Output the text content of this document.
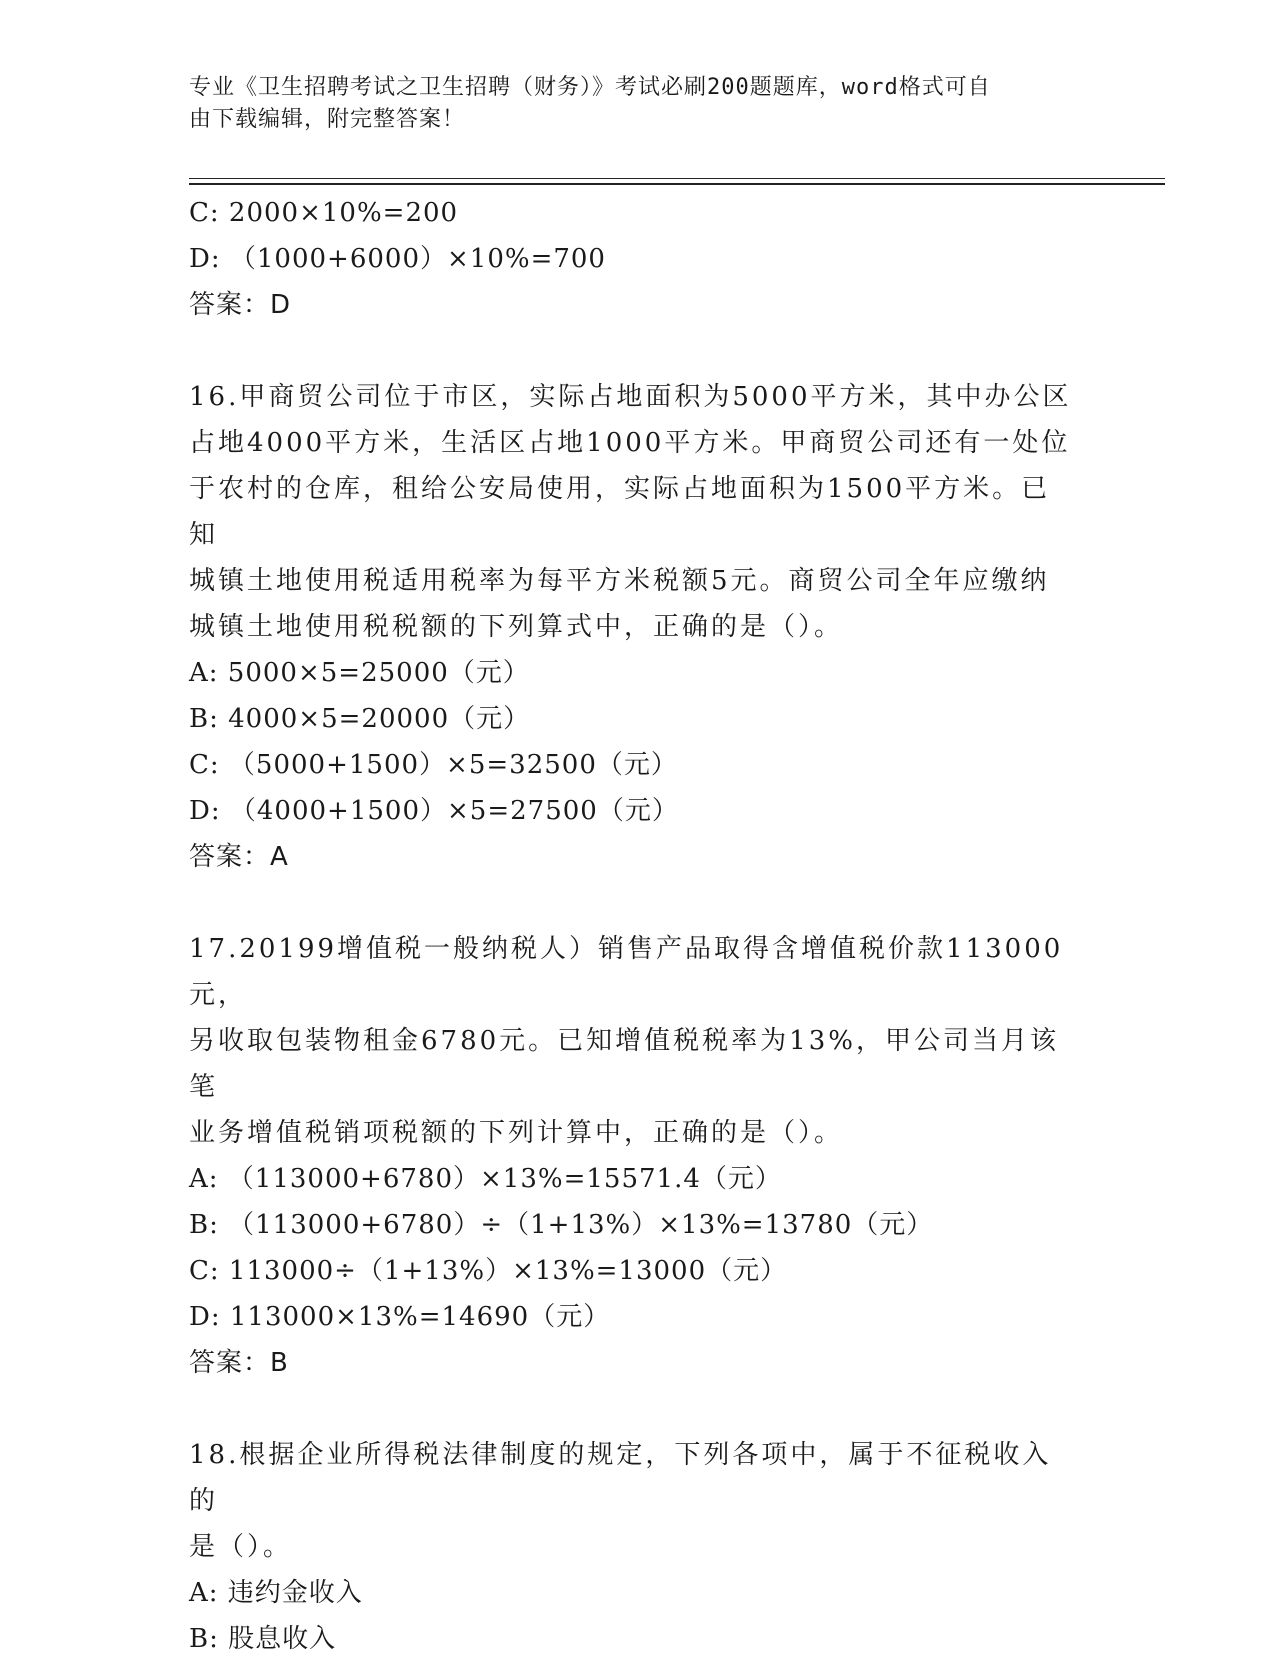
专业《卫生招聘考试之卫生招聘（财务）》考试必刷200题题库，word格式可自
由下载编辑，附完整答案！
C: 2000×10%=200
D: （1000+6000）×10%=700
答案：D
16.甲商贸公司位于市区，实际占地面积为5000平方米，其中办公区
占地4000平方米，生活区占地1000平方米。甲商贸公司还有一处位
于农村的仓库，租给公安局使用，实际占地面积为1500平方米。已知
城镇土地使用税适用税率为每平方米税额5元。商贸公司全年应缴纳
城镇土地使用税税额的下列算式中，正确的是（）。
A: 5000×5=25000（元）
B: 4000×5=20000（元）
C: （5000+1500）×5=32500（元）
D: （4000+1500）×5=27500（元）
答案：A
17.20199增值税一般纳税人）销售产品取得含增值税价款113000元，
另收取包装物租金6780元。已知增值税税率为13%，甲公司当月该笔
业务增值税销项税额的下列计算中，正确的是（）。
A: （113000+6780）×13%=15571.4（元）
B: （113000+6780）÷（1+13%）×13%=13780（元）
C: 113000÷（1+13%）×13%=13000（元）
D: 113000×13%=14690（元）
答案：B
18.根据企业所得税法律制度的规定，下列各项中，属于不征税收入的
是（）。
A: 违约金收入
B: 股息收入
